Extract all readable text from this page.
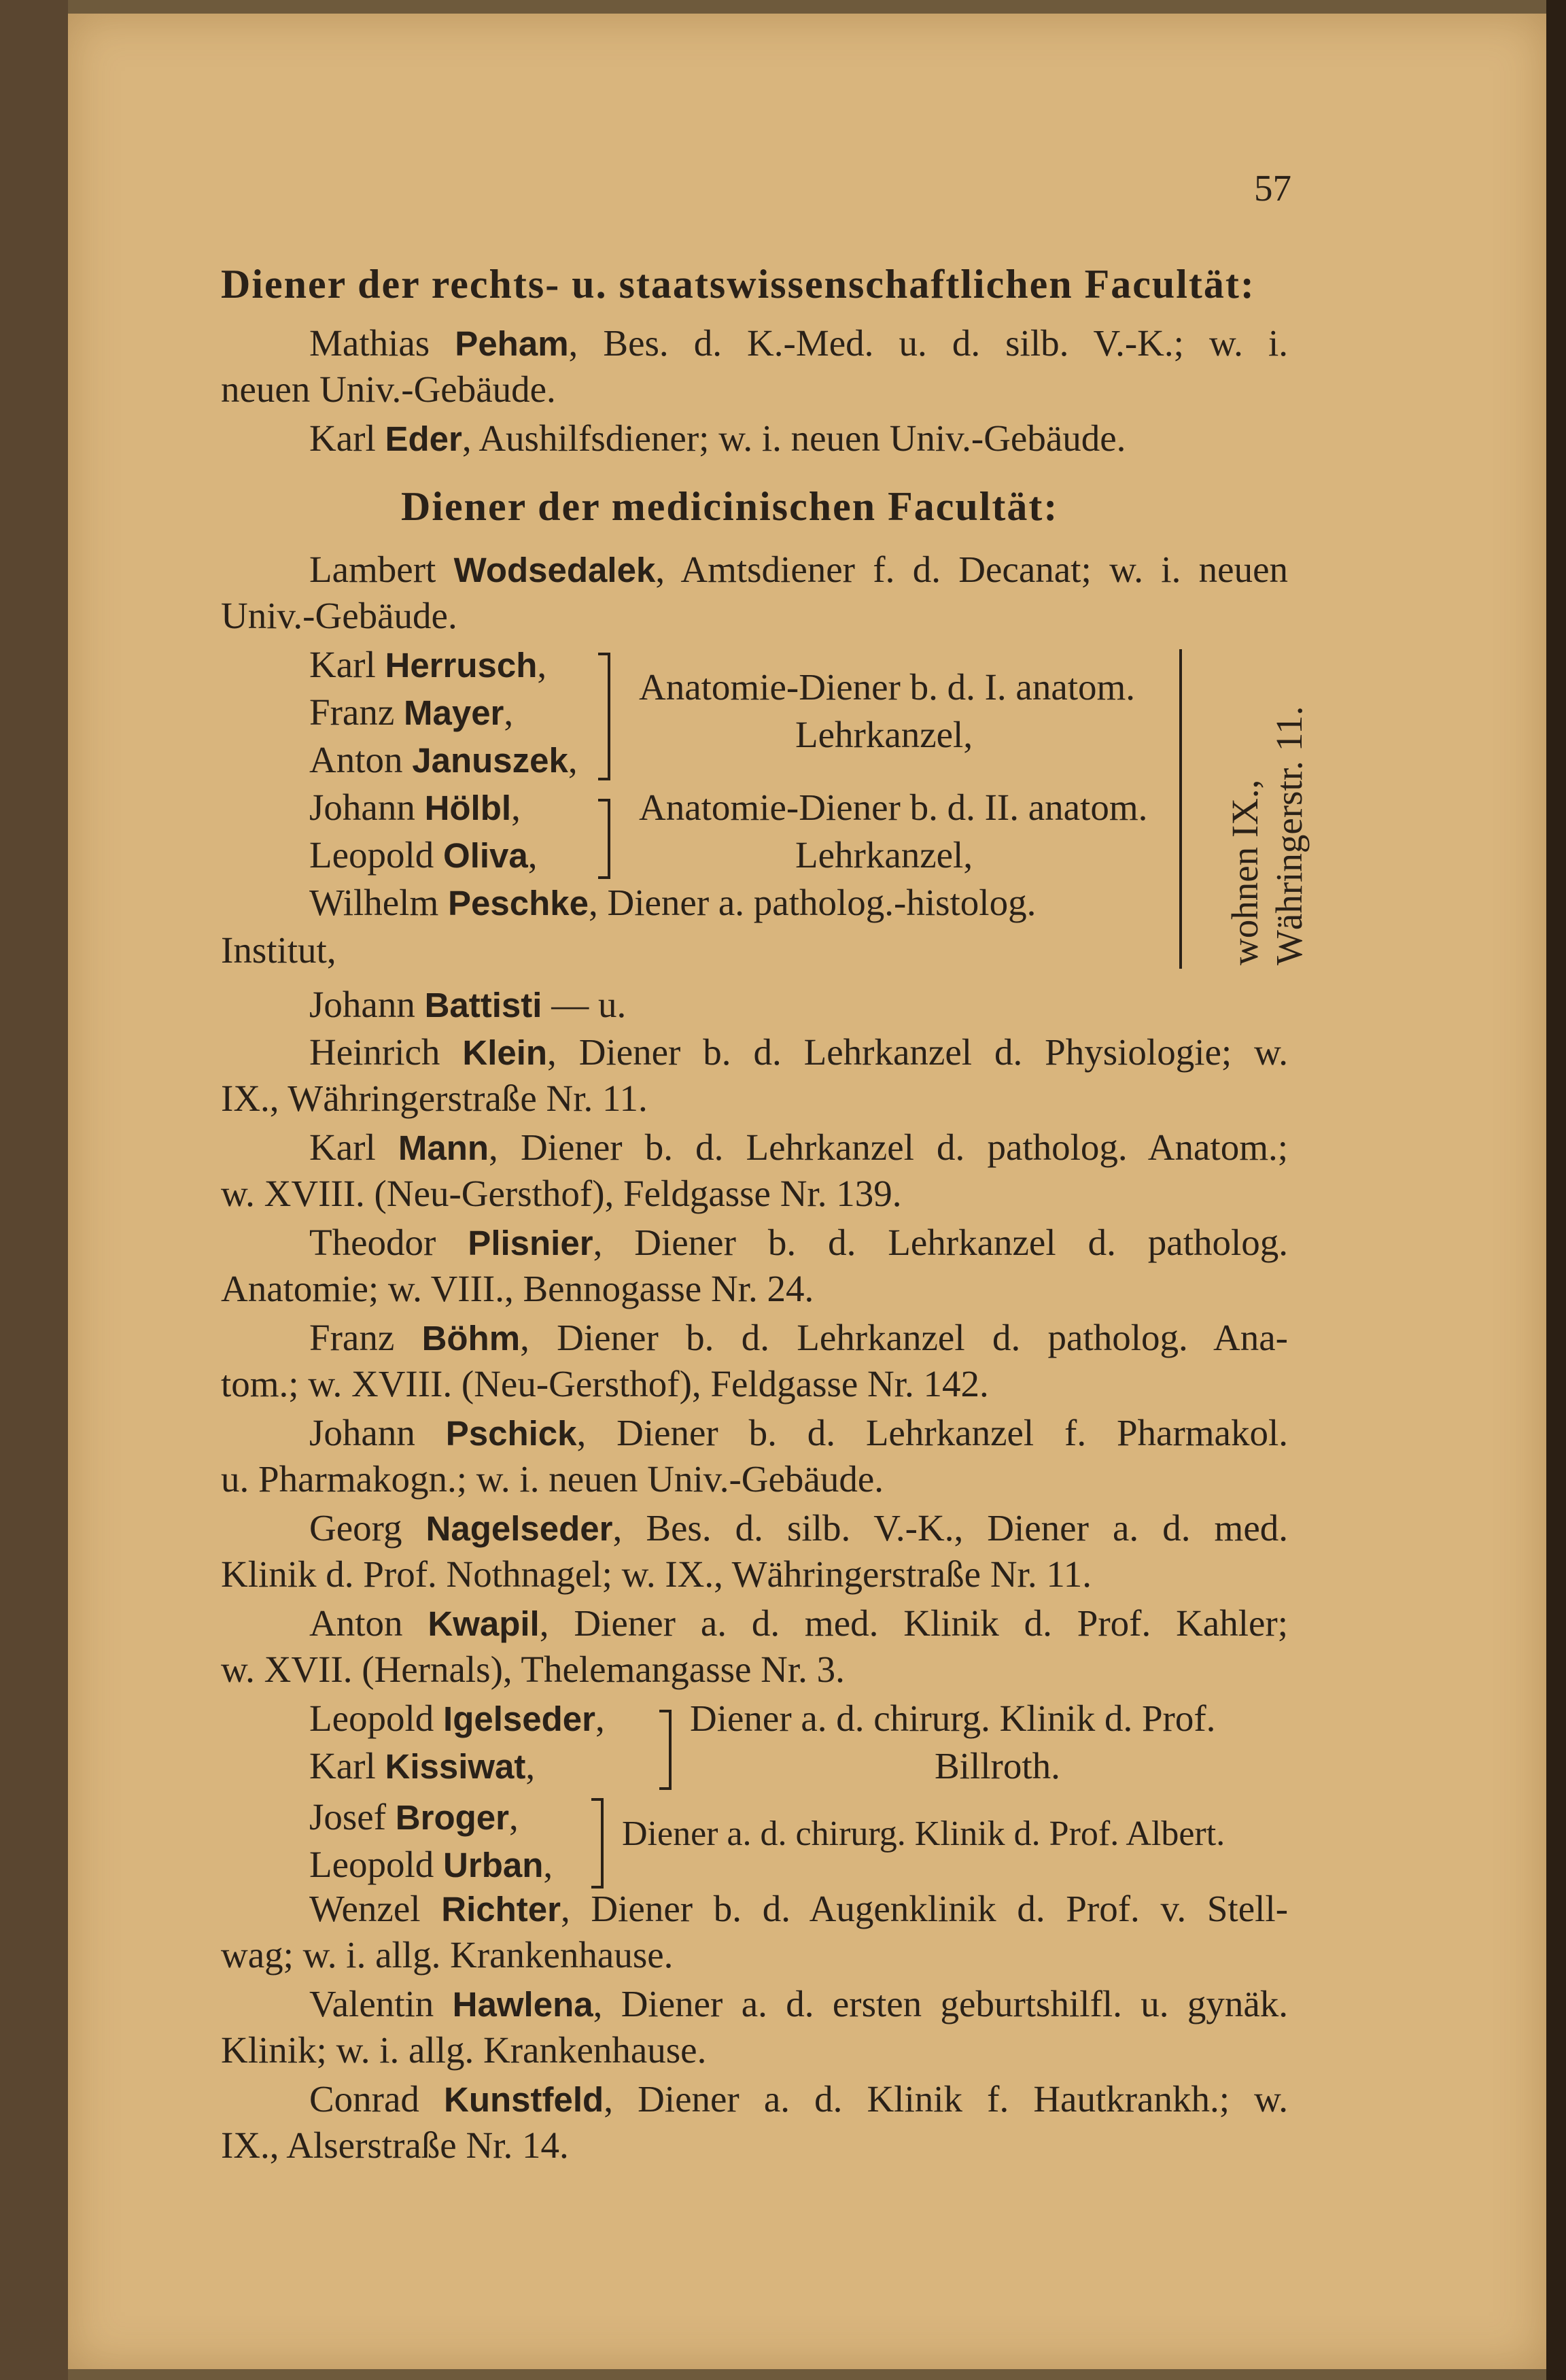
57
Diener der rechts- u. staatswissenschaftlichen Facultät:
Mathias Peham, Bes. d. K.-Med. u. d. silb. V.-K.; w. i.
neuen Univ.-Gebäude.
Karl Eder, Aushilfsdiener; w. i. neuen Univ.-Gebäude.
Diener der medicinischen Facultät:
Lambert Wodsedalek, Amtsdiener f. d. Decanat; w. i. neuen
Univ.-Gebäude.
Karl Herrusch,
Franz Mayer,
Anton Januszek,
Anatomie-Diener b. d. I. anatom.
Lehrkanzel,
Johann Hölbl,
Leopold Oliva,
Anatomie-Diener b. d. II. anatom.
Lehrkanzel,
Wilhelm Peschke, Diener a. patholog.-histolog.
Institut,	wohnen IX., Währingerstr. 11.
Johann Battisti — u.
Heinrich Klein, Diener b. d. Lehrkanzel d. Physiologie; w.
IX., Währingerstraße Nr. 11.
Karl Mann, Diener b. d. Lehrkanzel d. patholog. Anatom.;
w. XVIII. (Neu-Gersthof), Feldgasse Nr. 139.
Theodor Plisnier, Diener b. d. Lehrkanzel d. patholog.
Anatomie; w. VIII., Bennogasse Nr. 24.
Franz Böhm, Diener b. d. Lehrkanzel d. patholog. Ana-
tom.; w. XVIII. (Neu-Gersthof), Feldgasse Nr. 142.
Johann Pschick, Diener b. d. Lehrkanzel f. Pharmakol.
u. Pharmakogn.; w. i. neuen Univ.-Gebäude.
Georg Nagelseder, Bes. d. silb. V.-K., Diener a. d. med.
Klinik d. Prof. Nothnagel; w. IX., Währingerstraße Nr. 11.
Anton Kwapil, Diener a. d. med. Klinik d. Prof. Kahler;
w. XVII. (Hernals), Thelemangasse Nr. 3.
Leopold Igelseder,
Karl Kissiwat,
Diener a. d. chirurg. Klinik d. Prof.
Billroth.
Josef Broger,
Leopold Urban,
Diener a. d. chirurg. Klinik d. Prof. Albert.
Wenzel Richter, Diener b. d. Augenklinik d. Prof. v. Stell-
wag; w. i. allg. Krankenhause.
Valentin Hawlena, Diener a. d. ersten geburtshilfl. u. gynäk.
Klinik; w. i. allg. Krankenhause.
Conrad Kunstfeld, Diener a. d. Klinik f. Hautkrankh.; w.
IX., Alserstraße Nr. 14.
